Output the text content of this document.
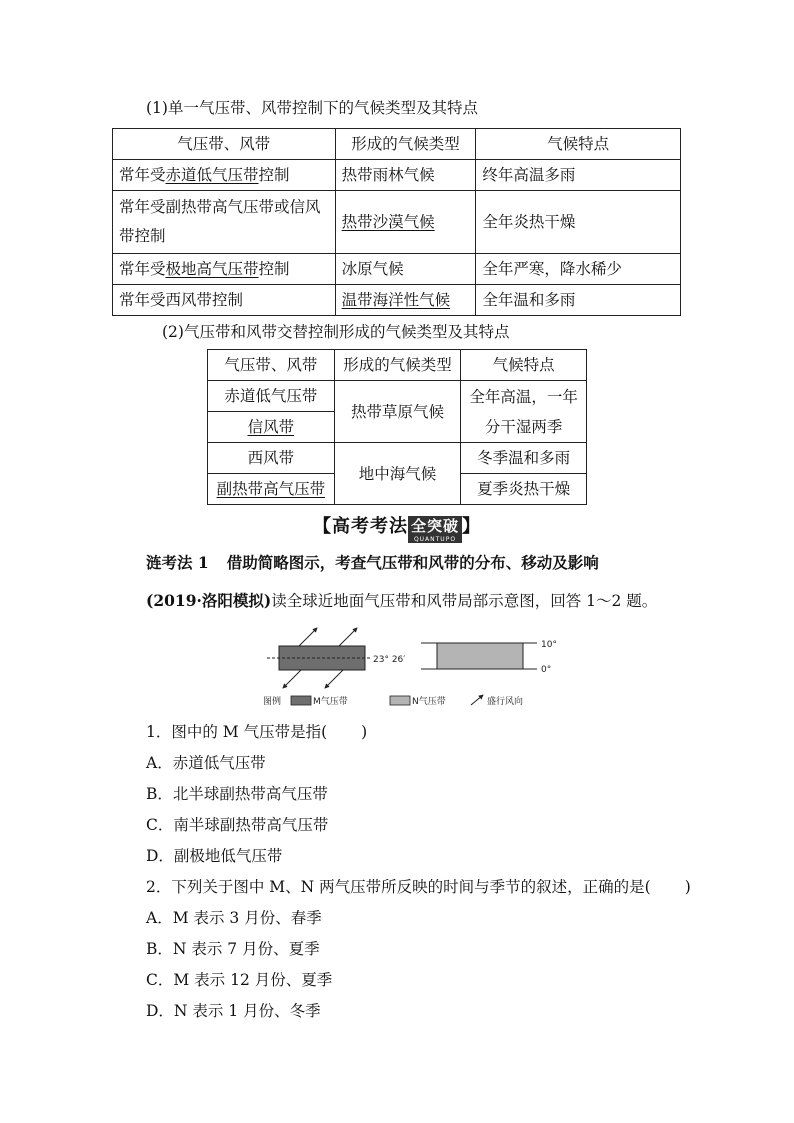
(1)单一气压带、风带控制下的气候类型及其特点
气压带、风带	形成的气候类型	气候特点
常年受赤道低气压带控制	热带雨林气候	终年高温多雨
常年受副热带高气压带或信风带控制	热带沙漠气候	全年炎热干燥
常年受极地高气压带控制	冰原气候	全年严寒，降水稀少
常年受西风带控制	温带海洋性气候	全年温和多雨
(2)气压带和风带交替控制形成的气候类型及其特点
气压带、风带	形成的气候类型	气候特点
赤道低气压带	热带草原气候	全年高温，一年分干湿两季
信风带		
西风带	地中海气候	冬季温和多雨
副热带高气压带		夏季炎热干燥
【高考考法 全突破
QUANTUPO
】
涟考法 1 借助简略图示，考查气压带和风带的分布、移动及影响
(2019·洛阳模拟)读全球近地面气压带和风带局部示意图，回答 1～2 题。
23° 26′
10°
0°
图例	M气压带	N气压带	盛行风向
1．图中的 M 气压带是指( )
A．赤道低气压带
B．北半球副热带高气压带
C．南半球副热带高气压带
D．副极地低气压带
2．下列关于图中 M、N 两气压带所反映的时间与季节的叙述，正确的是( )
A．M 表示 3 月份、春季
B．N 表示 7 月份、夏季
C．M 表示 12 月份、夏季
D．N 表示 1 月份、冬季
